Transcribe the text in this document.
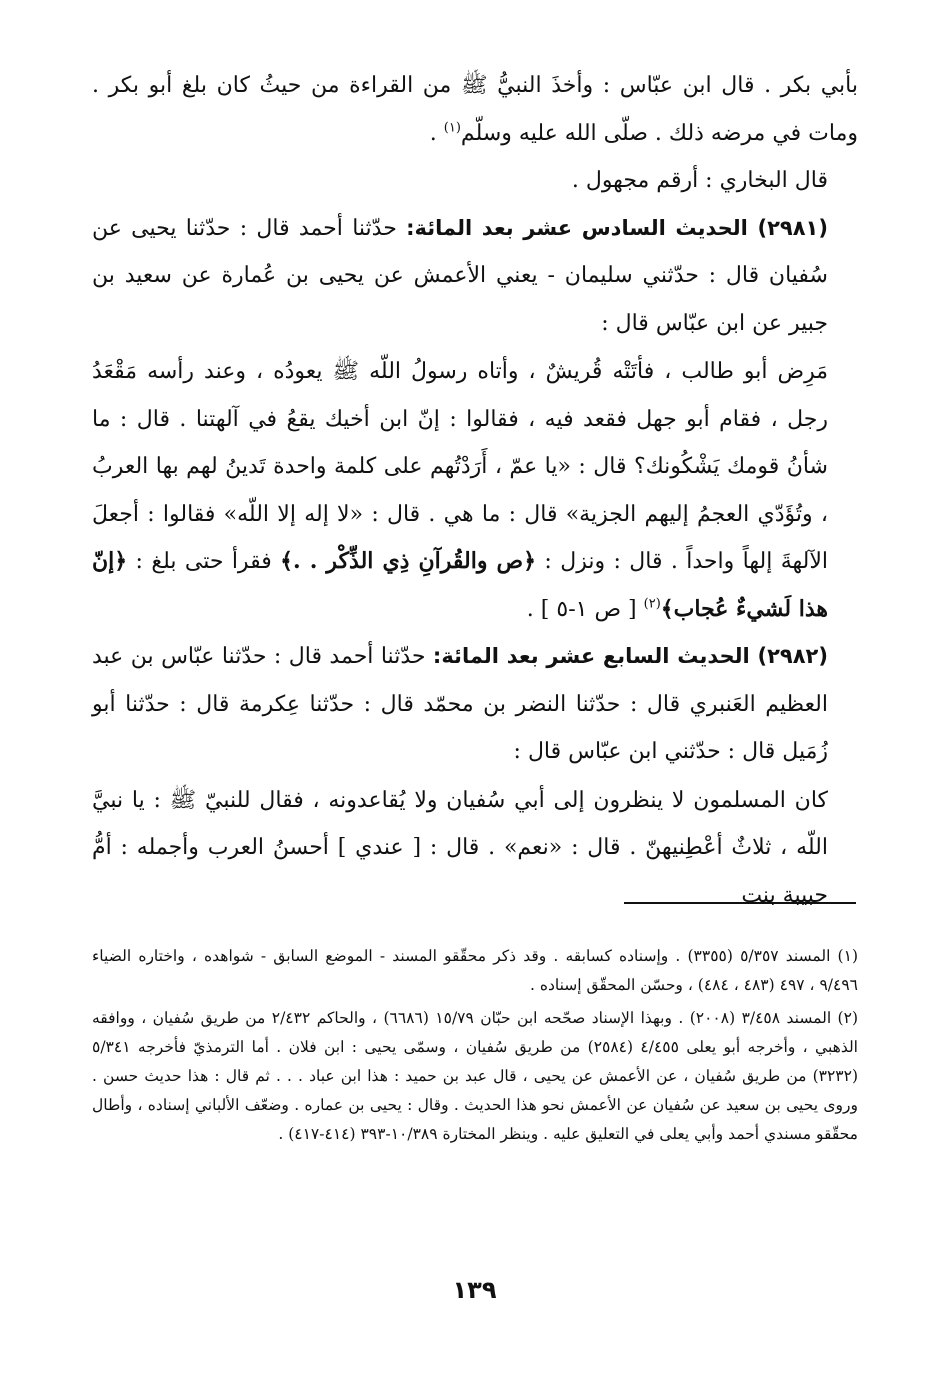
بأبي بكر . قال ابن عبّاس : وأخذَ النبيُّ ﷺ من القراءة من حيثُ كان بلغ أبو بكر . ومات في مرضه ذلك . صلّى الله عليه وسلّم$^{(١)}$ .

قال البخاري : أرقم مجهول .

(٢٩٨١) الحديث السادس عشر بعد المائة: حدّثنا أحمد قال : حدّثنا يحيى عن سُفيان قال : حدّثني سليمان - يعني الأعمش عن يحيى بن عُمارة عن سعيد بن جبير عن ابن عبّاس قال :

مَرِض أبو طالب ، فأتَتْه قُريشٌ ، وأتاه رسولُ اللّه ﷺ يعودُه ، وعند رأسه مَقْعَدُ رجل ، فقام أبو جهل فقعد فيه ، فقالوا : إنّ ابن أخيك يقعُ في آلهتنا . قال : ما شأنُ قومك يَشْكُونك؟ قال : «يا عمّ ، أَرَدْتُهم على كلمة واحدة تَدينُ لهم بها العربُ ، وتُؤَدّي العجمُ إليهم الجزية» قال : ما هي . قال : «لا إله إلا اللّه» فقالوا : أجعلَ الآلهةَ إلهاً واحداً . قال : ونزل : ﴿ص والقُرآنِ ذِي الذِّكْر . .﴾ فقرأ حتى بلغ : ﴿إنّ هذا لَشيءٌ عُجاب﴾$^{(٢)}$ [ ص ١-٥ ] .

(٢٩٨٢) الحديث السابع عشر بعد المائة: حدّثنا أحمد قال : حدّثنا عبّاس بن عبد العظيم العَنبري قال : حدّثنا النضر بن محمّد قال : حدّثنا عِكرمة قال : حدّثنا أبو زُمَيل قال : حدّثني ابن عبّاس قال :

كان المسلمون لا ينظرون إلى أبي سُفيان ولا يُقاعدونه ، فقال للنبيّ ﷺ : يا نبيَّ اللّه ، ثلاثٌ أعْطِنيهنّ . قال : «نعم» . قال : [ عندي ] أحسنُ العرب وأجمله : أمُّ حبيبة بنت

(١) المسند ٥/٣٥٧ (٣٣٥٥) . وإسناده كسابقه . وقد ذكر محقّقو المسند - الموضع السابق - شواهده ، واختاره الضياء ٩/٤٩٦ ، ٤٩٧ (٤٨٣ ، ٤٨٤) ، وحسّن المحقّق إسناده .

(٢) المسند ٣/٤٥٨ (٢٠٠٨) . وبهذا الإسناد صحّحه ابن حبّان ١٥/٧٩ (٦٦٨٦) ، والحاكم ٢/٤٣٢ من طريق سُفيان ، ووافقه الذهبي ، وأخرجه أبو يعلى ٤/٤٥٥ (٢٥٨٤) من طريق سُفيان ، وسمّى يحيى : ابن فلان . أما الترمذيّ فأخرجه ٥/٣٤١ (٣٢٣٢) من طريق سُفيان ، عن الأعمش عن يحيى ، قال عبد بن حميد : هذا ابن عباد . . . ثم قال : هذا حديث حسن . وروى يحيى بن سعيد عن سُفيان عن الأعمش نحو هذا الحديث . وقال : يحيى بن عماره . وضعّف الألباني إسناده ، وأطال محقّقو مسندي أحمد وأبي يعلى في التعليق عليه . وينظر المختارة ١٠/٣٨٩-٣٩٣ (٤١٤-٤١٧) .

١٣٩
